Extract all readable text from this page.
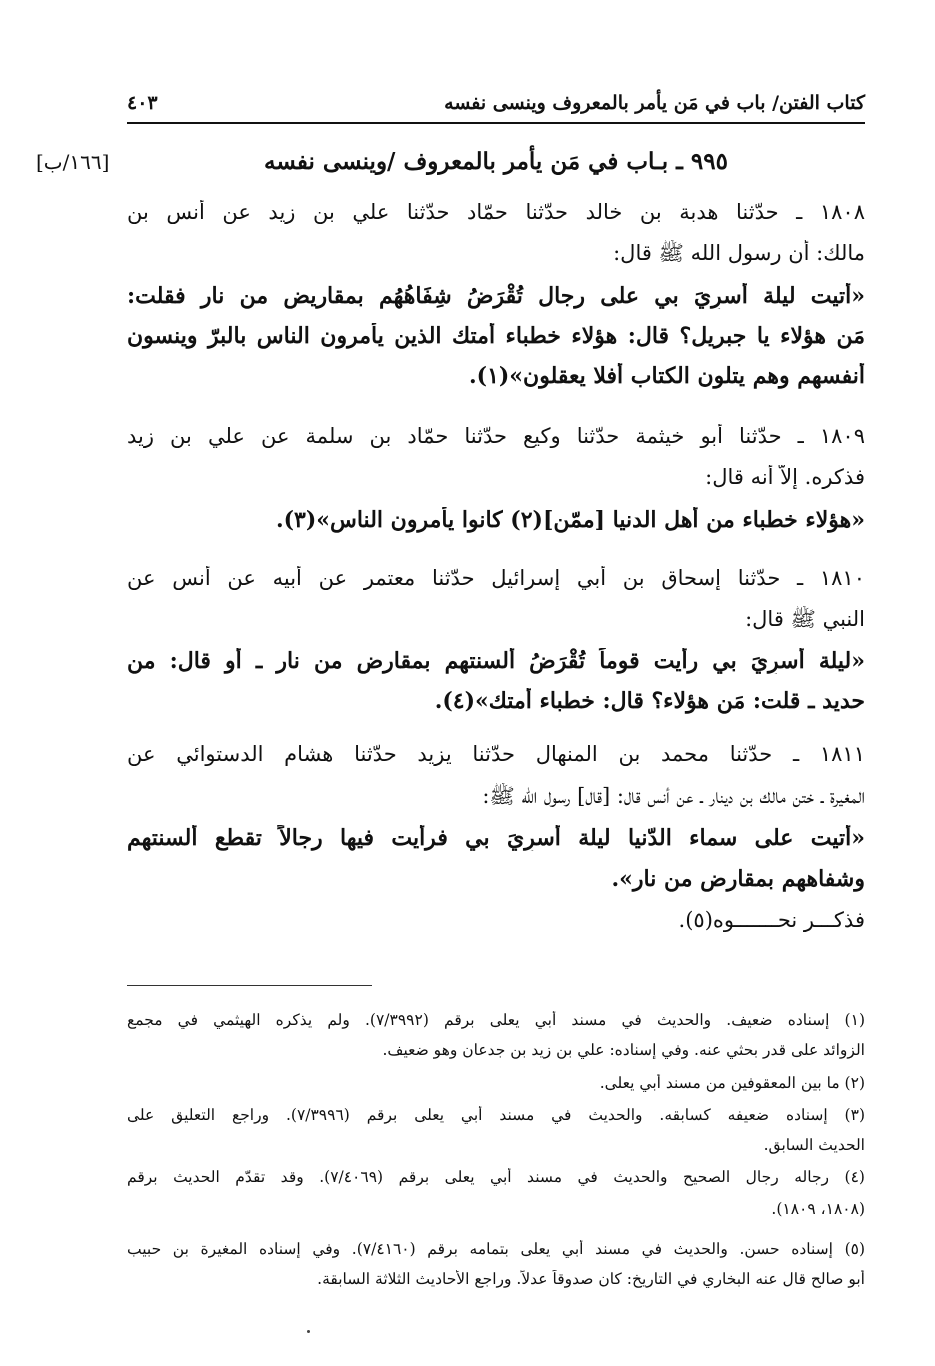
كتاب الفتن/ باب في مَن يأمر بالمعروف وينسى نفسه
٤٠٣
[١٦٦/ب]	٩٩٥ ـ بـاب في مَن يأمر بالمعروف /وينسى نفسه
١٨٠٨ ـ حدّثنا هدبة بن خالد حدّثنا حمّاد حدّثنا علي بن زيد عن أنس بن
مالك: أن رسول الله ﷺ قال:
«أتيت ليلة أُسرِيَ بي على رجال تُقْرَضُ شِفَاهُهُم بمقاريض من نار فقلت:
مَن هؤلاء يا جبريل؟ قال: هؤلاء خطباء أمتك الذين يأمرون الناس بالبرّ وينسون
أنفسهم وهم يتلون الكتاب أفلا يعقلون»(١).
١٨٠٩ ـ حدّثنا أبو خيثمة حدّثنا وكيع حدّثنا حمّاد بن سلمة عن علي بن زيد
فذكره. إلاّ أنه قال:
«هؤلاء خطباء من أهل الدنيا [ممّن](٢) كانوا يأمرون الناس»(٣).
١٨١٠ ـ حدّثنا إسحاق بن أبي إسرائيل حدّثنا معتمر عن أبيه عن أنس عن
النبي ﷺ قال:
«ليلة أُسرِيَ بي رأيت قوماً تُقْرَضُ ألسنتهم بمقارض من نار ـ أو قال: من
حديد ـ قلت: مَن هؤلاء؟ قال: خطباء أمتك»(٤).
١٨١١ ـ حدّثنا محمد بن المنهال حدّثنا يزيد حدّثنا هشام الدستوائي عن
المغيرة ـ ختن مالك بن دينار ـ عن أنس قال: [قال] رسول الله ﷺ:
«أتيت على سماء الدّنيا ليلة أُسرِيَ بي فرأيت فيها رجالاً تقطع ألسنتهم
وشفاههم بمقارض من نار».
فذكـــر نحـــــــوه(٥).
(١) إسناده ضعيف. والحديث في مسند أبي يعلى برقم (٧/٣٩٩٢). ولم يذكره الهيثمي في مجمع
الزوائد على قدر بحثي عنه. وفي إسناده: علي بن زيد بن جدعان وهو ضعيف.
(٢) ما بين المعقوفين من مسند أبي يعلى.
(٣) إسناده ضعيفه كسابقه. والحديث في مسند أبي يعلى برقم (٧/٣٩٩٦). وراجع التعليق على
الحديث السابق.
(٤) رجاله رجال الصحيح والحديث في مسند أبي يعلى برقم (٧/٤٠٦٩). وقد تقدّم الحديث برقم
(١٨٠٨، ١٨٠٩).
(٥) إسناده حسن. والحديث في مسند أبي يعلى بتمامه برقم (٧/٤١٦٠). وفي إسناده المغيرة بن حبيب
أبو صالح قال عنه البخاري في التاريخ: كان صدوقاً عدلاً. وراجع الأحاديث الثلاثة السابقة.
